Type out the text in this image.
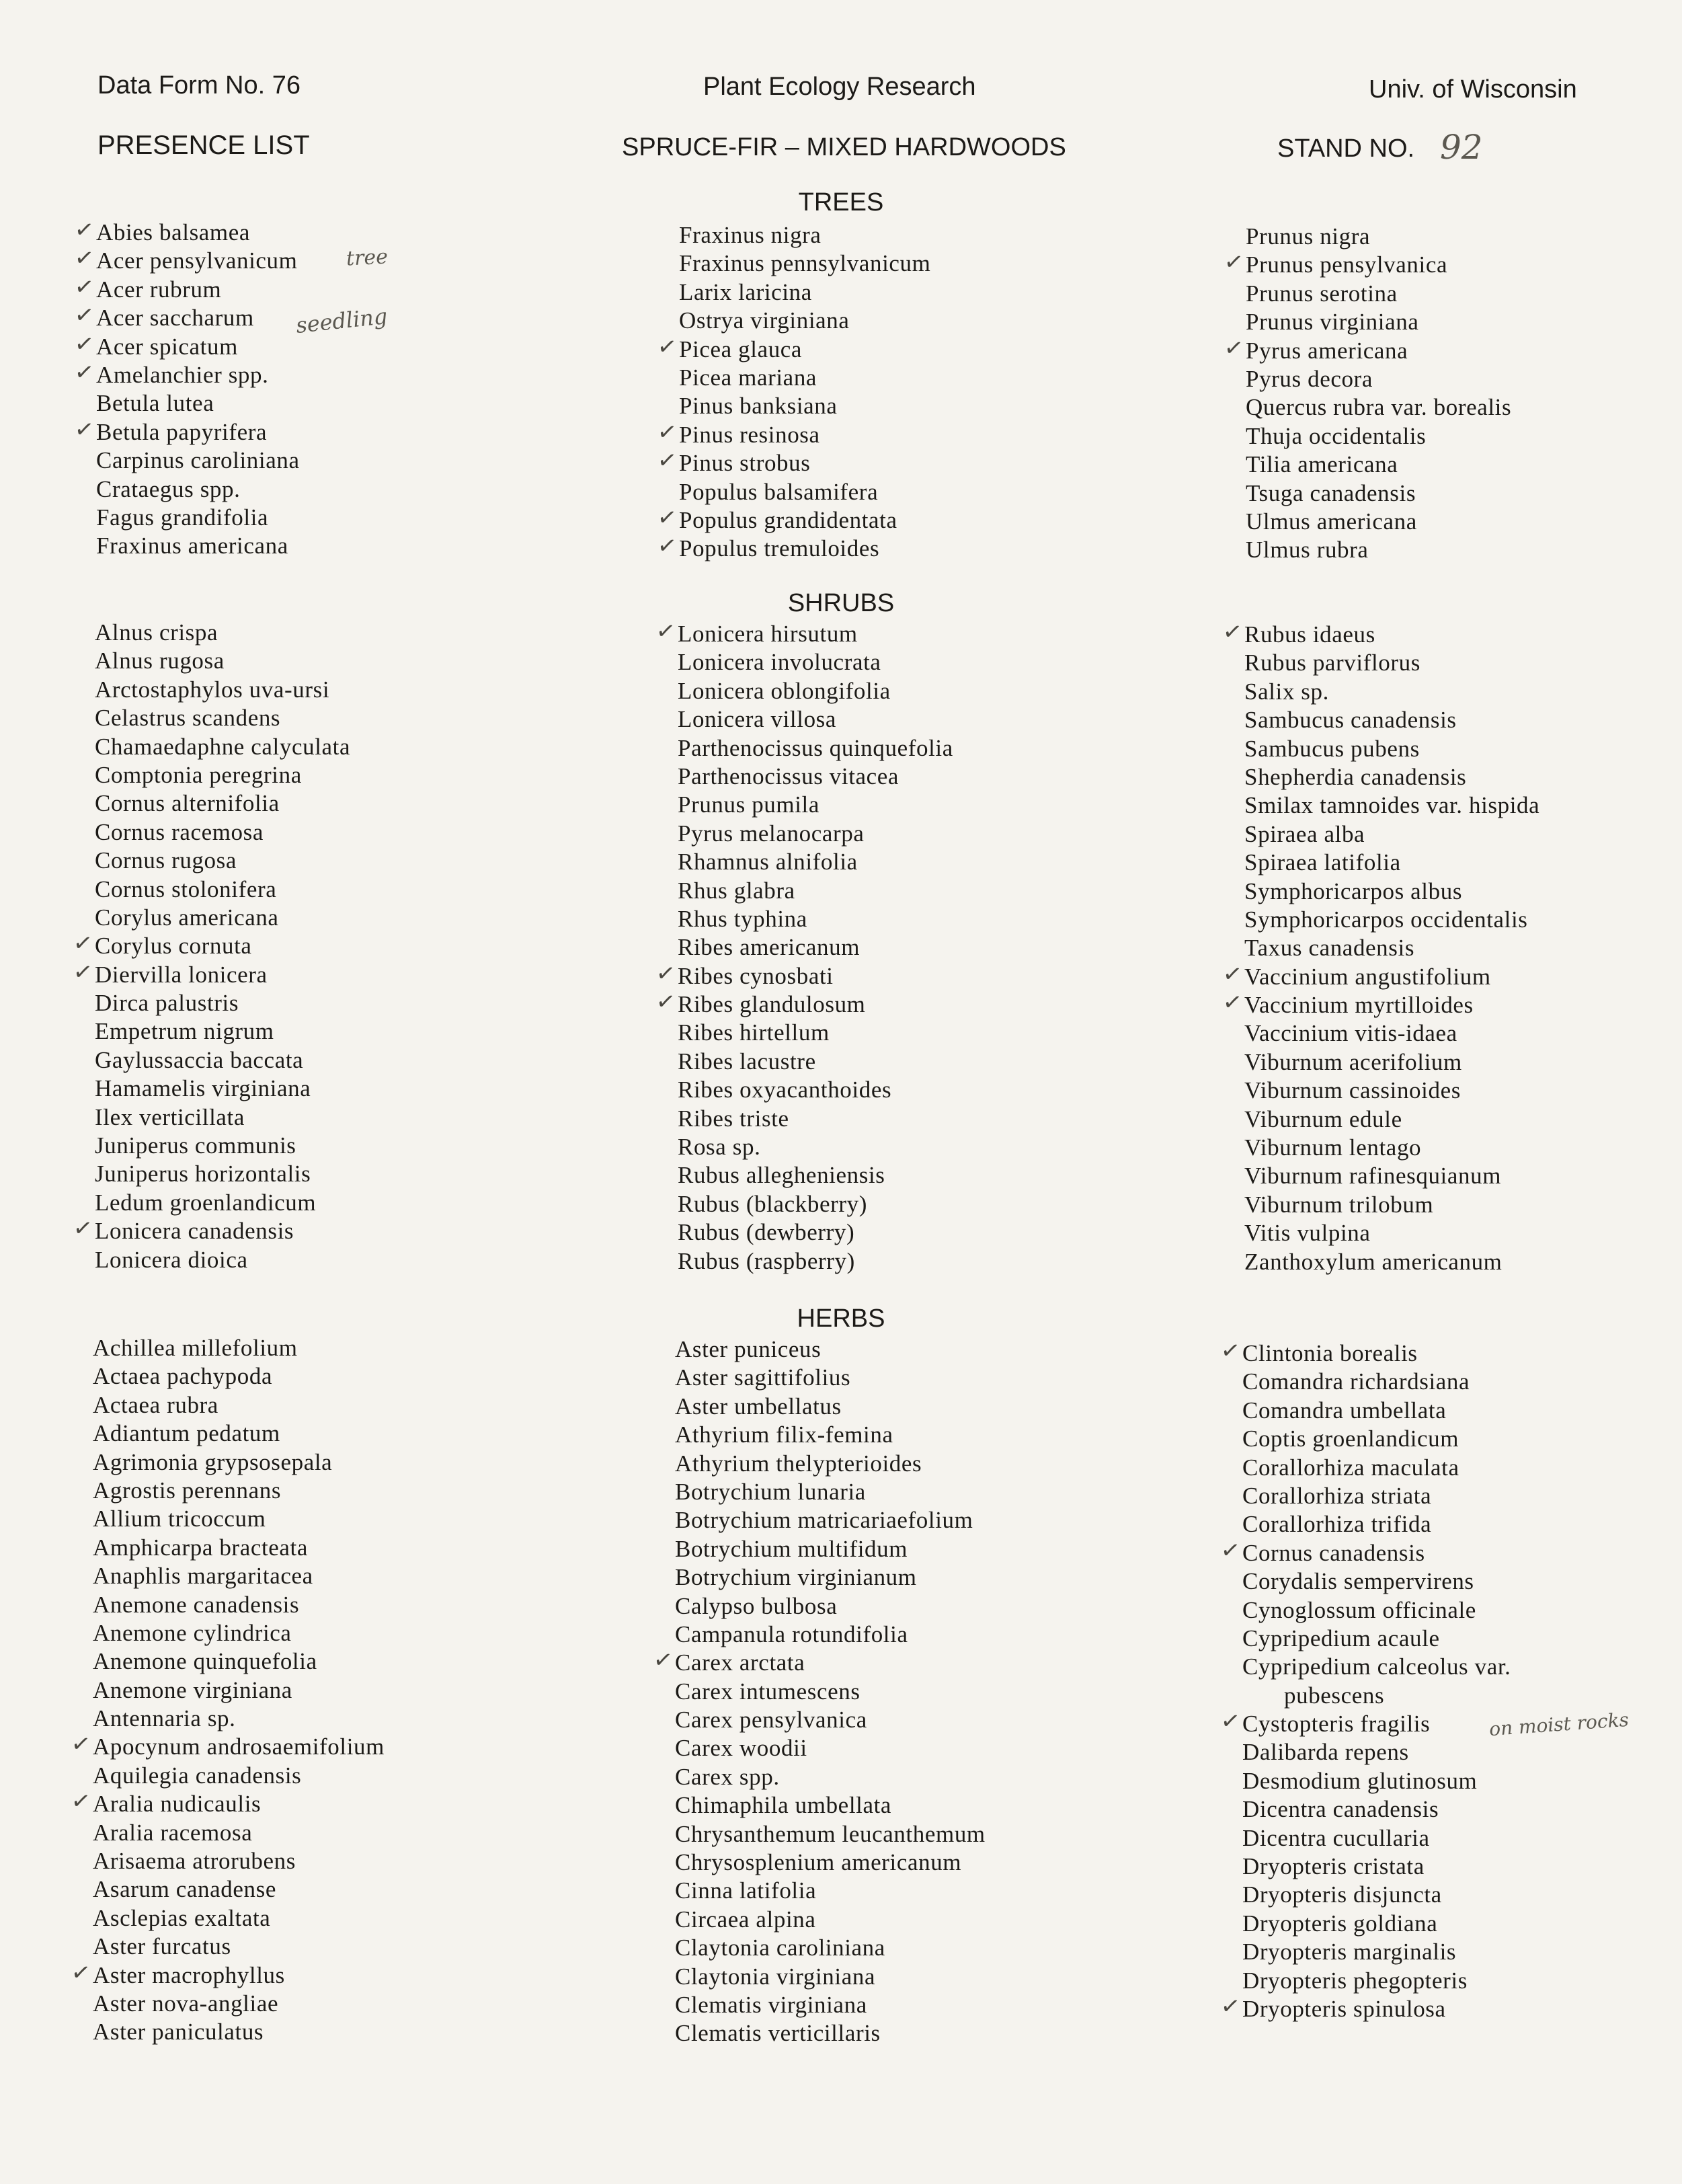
Data Form No. 76	Plant Ecology Research	Univ. of Wisconsin
PRESENCE LIST	SPRUCE-FIR – MIXED HARDWOODS	STAND NO. 92
TREES
SHRUBS
HERBS
✓ Abies balsamea
✓ Acer pensylvanicum
✓ Acer rubrum
✓ Acer saccharum
✓ Acer spicatum
✓ Amelanchier spp.
Betula lutea
✓ Betula papyrifera
Carpinus caroliniana
Crataegus spp.
Fagus grandifolia
Fraxinus americana
Fraxinus nigra
Fraxinus pennsylvanicum
Larix laricina
Ostrya virginiana
✓ Picea glauca
Picea mariana
Pinus banksiana
✓ Pinus resinosa
✓ Pinus strobus
Populus balsamifera
✓ Populus grandidentata
✓ Populus tremuloides
Prunus nigra
✓ Prunus pensylvanica
Prunus serotina
Prunus virginiana
✓ Pyrus americana
Pyrus decora
Quercus rubra var. borealis
Thuja occidentalis
Tilia americana
Tsuga canadensis
Ulmus americana
Ulmus rubra
Alnus crispa
Alnus rugosa
Arctostaphylos uva-ursi
Celastrus scandens
Chamaedaphne calyculata
Comptonia peregrina
Cornus alternifolia
Cornus racemosa
Cornus rugosa
Cornus stolonifera
Corylus americana
✓ Corylus cornuta
✓ Diervilla lonicera
Dirca palustris
Empetrum nigrum
Gaylussaccia baccata
Hamamelis virginiana
Ilex verticillata
Juniperus communis
Juniperus horizontalis
Ledum groenlandicum
✓ Lonicera canadensis
Lonicera dioica
✓ Lonicera hirsutum
Lonicera involucrata
Lonicera oblongifolia
Lonicera villosa
Parthenocissus quinquefolia
Parthenocissus vitacea
Prunus pumila
Pyrus melanocarpa
Rhamnus alnifolia
Rhus glabra
Rhus typhina
Ribes americanum
✓ Ribes cynosbati
✓ Ribes glandulosum
Ribes hirtellum
Ribes lacustre
Ribes oxyacanthoides
Ribes triste
Rosa sp.
Rubus allegheniensis
Rubus (blackberry)
Rubus (dewberry)
Rubus (raspberry)
✓ Rubus idaeus
Rubus parviflorus
Salix sp.
Sambucus canadensis
Sambucus pubens
Shepherdia canadensis
Smilax tamnoides var. hispida
Spiraea alba
Spiraea latifolia
Symphoricarpos albus
Symphoricarpos occidentalis
Taxus canadensis
✓ Vaccinium angustifolium
✓ Vaccinium myrtilloides
Vaccinium vitis-idaea
Viburnum acerifolium
Viburnum cassinoides
Viburnum edule
Viburnum lentago
Viburnum rafinesquianum
Viburnum trilobum
Vitis vulpina
Zanthoxylum americanum
Achillea millefolium
Actaea pachypoda
Actaea rubra
Adiantum pedatum
Agrimonia grypsosepala
Agrostis perennans
Allium tricoccum
Amphicarpa bracteata
Anaphlis margaritacea
Anemone canadensis
Anemone cylindrica
Anemone quinquefolia
Anemone virginiana
Antennaria sp.
✓ Apocynum androsaemifolium
Aquilegia canadensis
✓ Aralia nudicaulis
Aralia racemosa
Arisaema atrorubens
Asarum canadense
Asclepias exaltata
Aster furcatus
✓ Aster macrophyllus
Aster nova-angliae
Aster paniculatus
Aster puniceus
Aster sagittifolius
Aster umbellatus
Athyrium filix-femina
Athyrium thelypterioides
Botrychium lunaria
Botrychium matricariaefolium
Botrychium multifidum
Botrychium virginianum
Calypso bulbosa
Campanula rotundifolia
✓ Carex arctata
Carex intumescens
Carex pensylvanica
Carex woodii
Carex spp.
Chimaphila umbellata
Chrysanthemum leucanthemum
Chrysosplenium americanum
Cinna latifolia
Circaea alpina
Claytonia caroliniana
Claytonia virginiana
Clematis virginiana
Clematis verticillaris
✓ Clintonia borealis
Comandra richardsiana
Comandra umbellata
Coptis groenlandicum
Corallorhiza maculata
Corallorhiza striata
Corallorhiza trifida
✓ Cornus canadensis
Corydalis sempervirens
Cynoglossum officinale
Cypripedium acaule
Cypripedium calceolus var.
pubescens
✓ Cystopteris fragilis
Dalibarda repens
Desmodium glutinosum
Dicentra canadensis
Dicentra cucullaria
Dryopteris cristata
Dryopteris disjuncta
Dryopteris goldiana
Dryopteris marginalis
Dryopteris phegopteris
✓ Dryopteris spinulosa
tree
seedling
on moist rocks
